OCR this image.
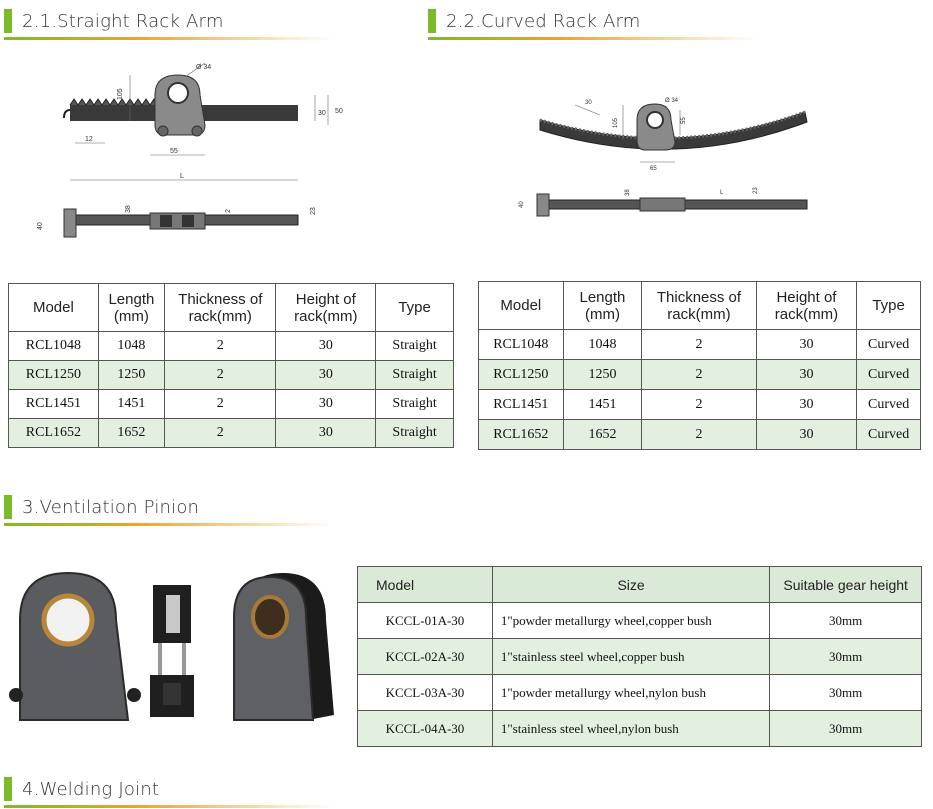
2.1.Straight Rack Arm	2.2.Curved Rack Arm
105
Ø 34
50
30
12
55
L
40
38	2	23
105
Ø 34
30
55
65
L
40
38	23
Model	Length (mm)	Thickness of rack(mm)	Height of rack(mm)	Type
RCL1048	1048	2	30	Straight
RCL1250	1250	2	30	Straight
RCL1451	1451	2	30	Straight
RCL1652	1652	2	30	Straight
Model	Length (mm)	Thickness of rack(mm)	Height of rack(mm)	Type
RCL1048	1048	2	30	Curved
RCL1250	1250	2	30	Curved
RCL1451	1451	2	30	Curved
RCL1652	1652	2	30	Curved
3.Ventilation Pinion
Model	Size	Suitable gear height
KCCL-01A-30	1"powder metallurgy wheel,copper bush	30mm
KCCL-02A-30	1"stainless steel wheel,copper bush	30mm
KCCL-03A-30	1"powder metallurgy wheel,nylon bush	30mm
KCCL-04A-30	1"stainless steel wheel,nylon bush	30mm
4.Welding Joint
